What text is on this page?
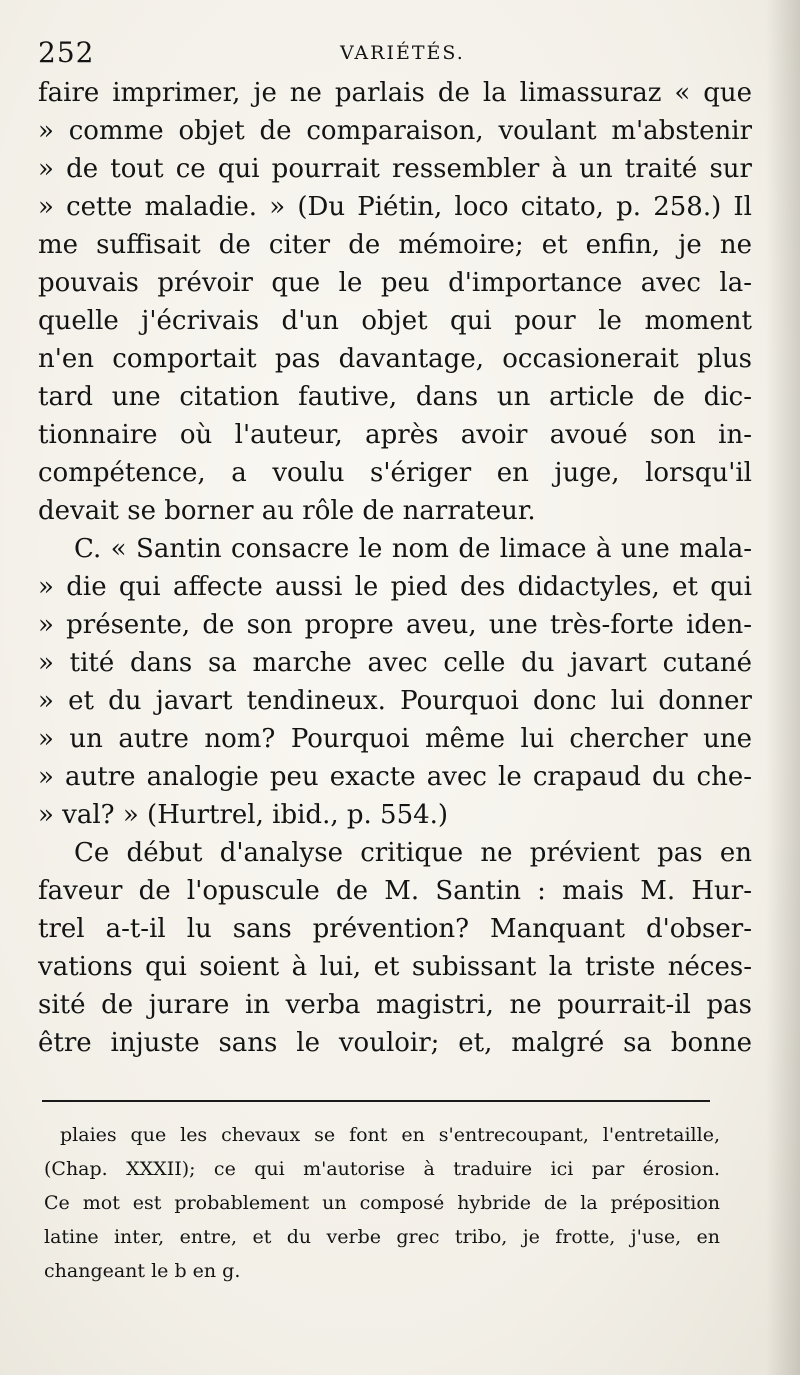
252	VARIÉTÉS.
faire imprimer, je ne parlais de la limassuraz « que
» comme objet de comparaison, voulant m'abstenir
» de tout ce qui pourrait ressembler à un traité sur
» cette maladie. » (Du Piétin, loco citato, p. 258.) Il
me suffisait de citer de mémoire; et enfin, je ne
pouvais prévoir que le peu d'importance avec la-
quelle j'écrivais d'un objet qui pour le moment
n'en comportait pas davantage, occasionerait plus
tard une citation fautive, dans un article de dic-
tionnaire où l'auteur, après avoir avoué son in-
compétence, a voulu s'ériger en juge, lorsqu'il
devait se borner au rôle de narrateur.
C. « Santin consacre le nom de limace à une mala-
» die qui affecte aussi le pied des didactyles, et qui
» présente, de son propre aveu, une très-forte iden-
» tité dans sa marche avec celle du javart cutané
» et du javart tendineux. Pourquoi donc lui donner
» un autre nom? Pourquoi même lui chercher une
» autre analogie peu exacte avec le crapaud du che-
» val? » (Hurtrel, ibid., p. 554.)
Ce début d'analyse critique ne prévient pas en
faveur de l'opuscule de M. Santin : mais M. Hur-
trel a-t-il lu sans prévention? Manquant d'obser-
vations qui soient à lui, et subissant la triste néces-
sité de jurare in verba magistri, ne pourrait-il pas
être injuste sans le vouloir; et, malgré sa bonne
plaies que les chevaux se font en s'entrecoupant, l'entretaille,
(Chap. XXXII); ce qui m'autorise à traduire ici par érosion.
Ce mot est probablement un composé hybride de la préposition
latine inter, entre, et du verbe grec tribo, je frotte, j'use, en
changeant le b en g.
